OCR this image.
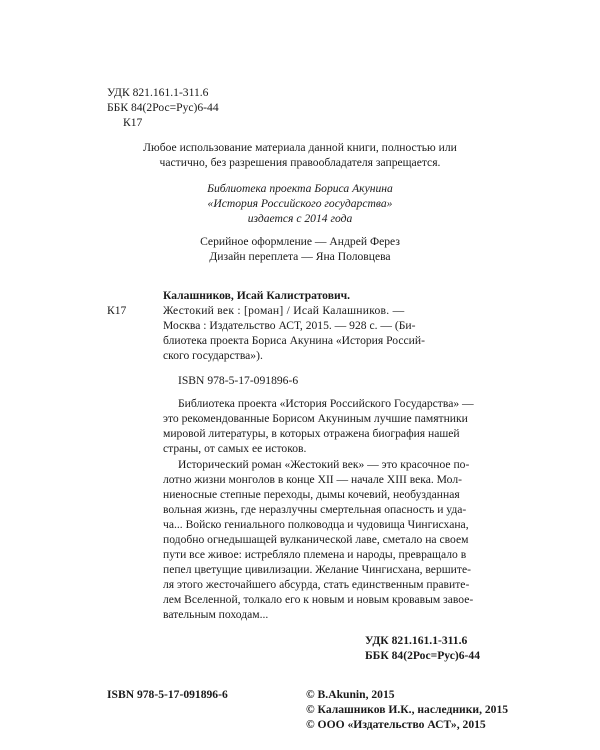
УДК 821.161.1-311.6
ББК 84(2Рос=Рус)6-44
К17
Любое использование материала данной книги, полностью или
частично, без разрешения правообладателя запрещается.
Библиотека проекта Бориса Акунина
«История Российского государства»
издается с 2014 года
Серийное оформление — Андрей Ферез
Дизайн переплета — Яна Половцева
Калашников, Исай Калистратович.
К17	Жестокий век : [роман] / Исай Калашников. —
Москва : Издательство АСТ, 2015. — 928 с. — (Би-
блиотека проекта Бориса Акунина «История Россий-
ского государства»).
ISBN 978-5-17-091896-6
Библиотека проекта «История Российского Государства» —
это рекомендованные Борисом Акуниным лучшие памятники
мировой литературы, в которых отражена биография нашей
страны, от самых ее истоков.
Исторический роман «Жестокий век» — это красочное по-
лотно жизни монголов в конце XII — начале XIII века. Мол-
ниеносные степные переходы, дымы кочевий, необузданная
вольная жизнь, где неразлучны смертельная опасность и уда-
ча... Войско гениального полководца и чудовища Чингисхана,
подобно огнедышащей вулканической лаве, сметало на своем
пути все живое: истребляло племена и народы, превращало в
пепел цветущие цивилизации. Желание Чингисхана, вершите-
ля этого жесточайшего абсурда, стать единственным правите-
лем Вселенной, толкало его к новым и новым кровавым завое-
вательным походам...
УДК 821.161.1-311.6
ББК 84(2Рос=Рус)6-44
ISBN 978-5-17-091896-6	© В.Akunin, 2015
© Калашников И.К., наследники, 2015
© ООО «Издательство АСТ», 2015
